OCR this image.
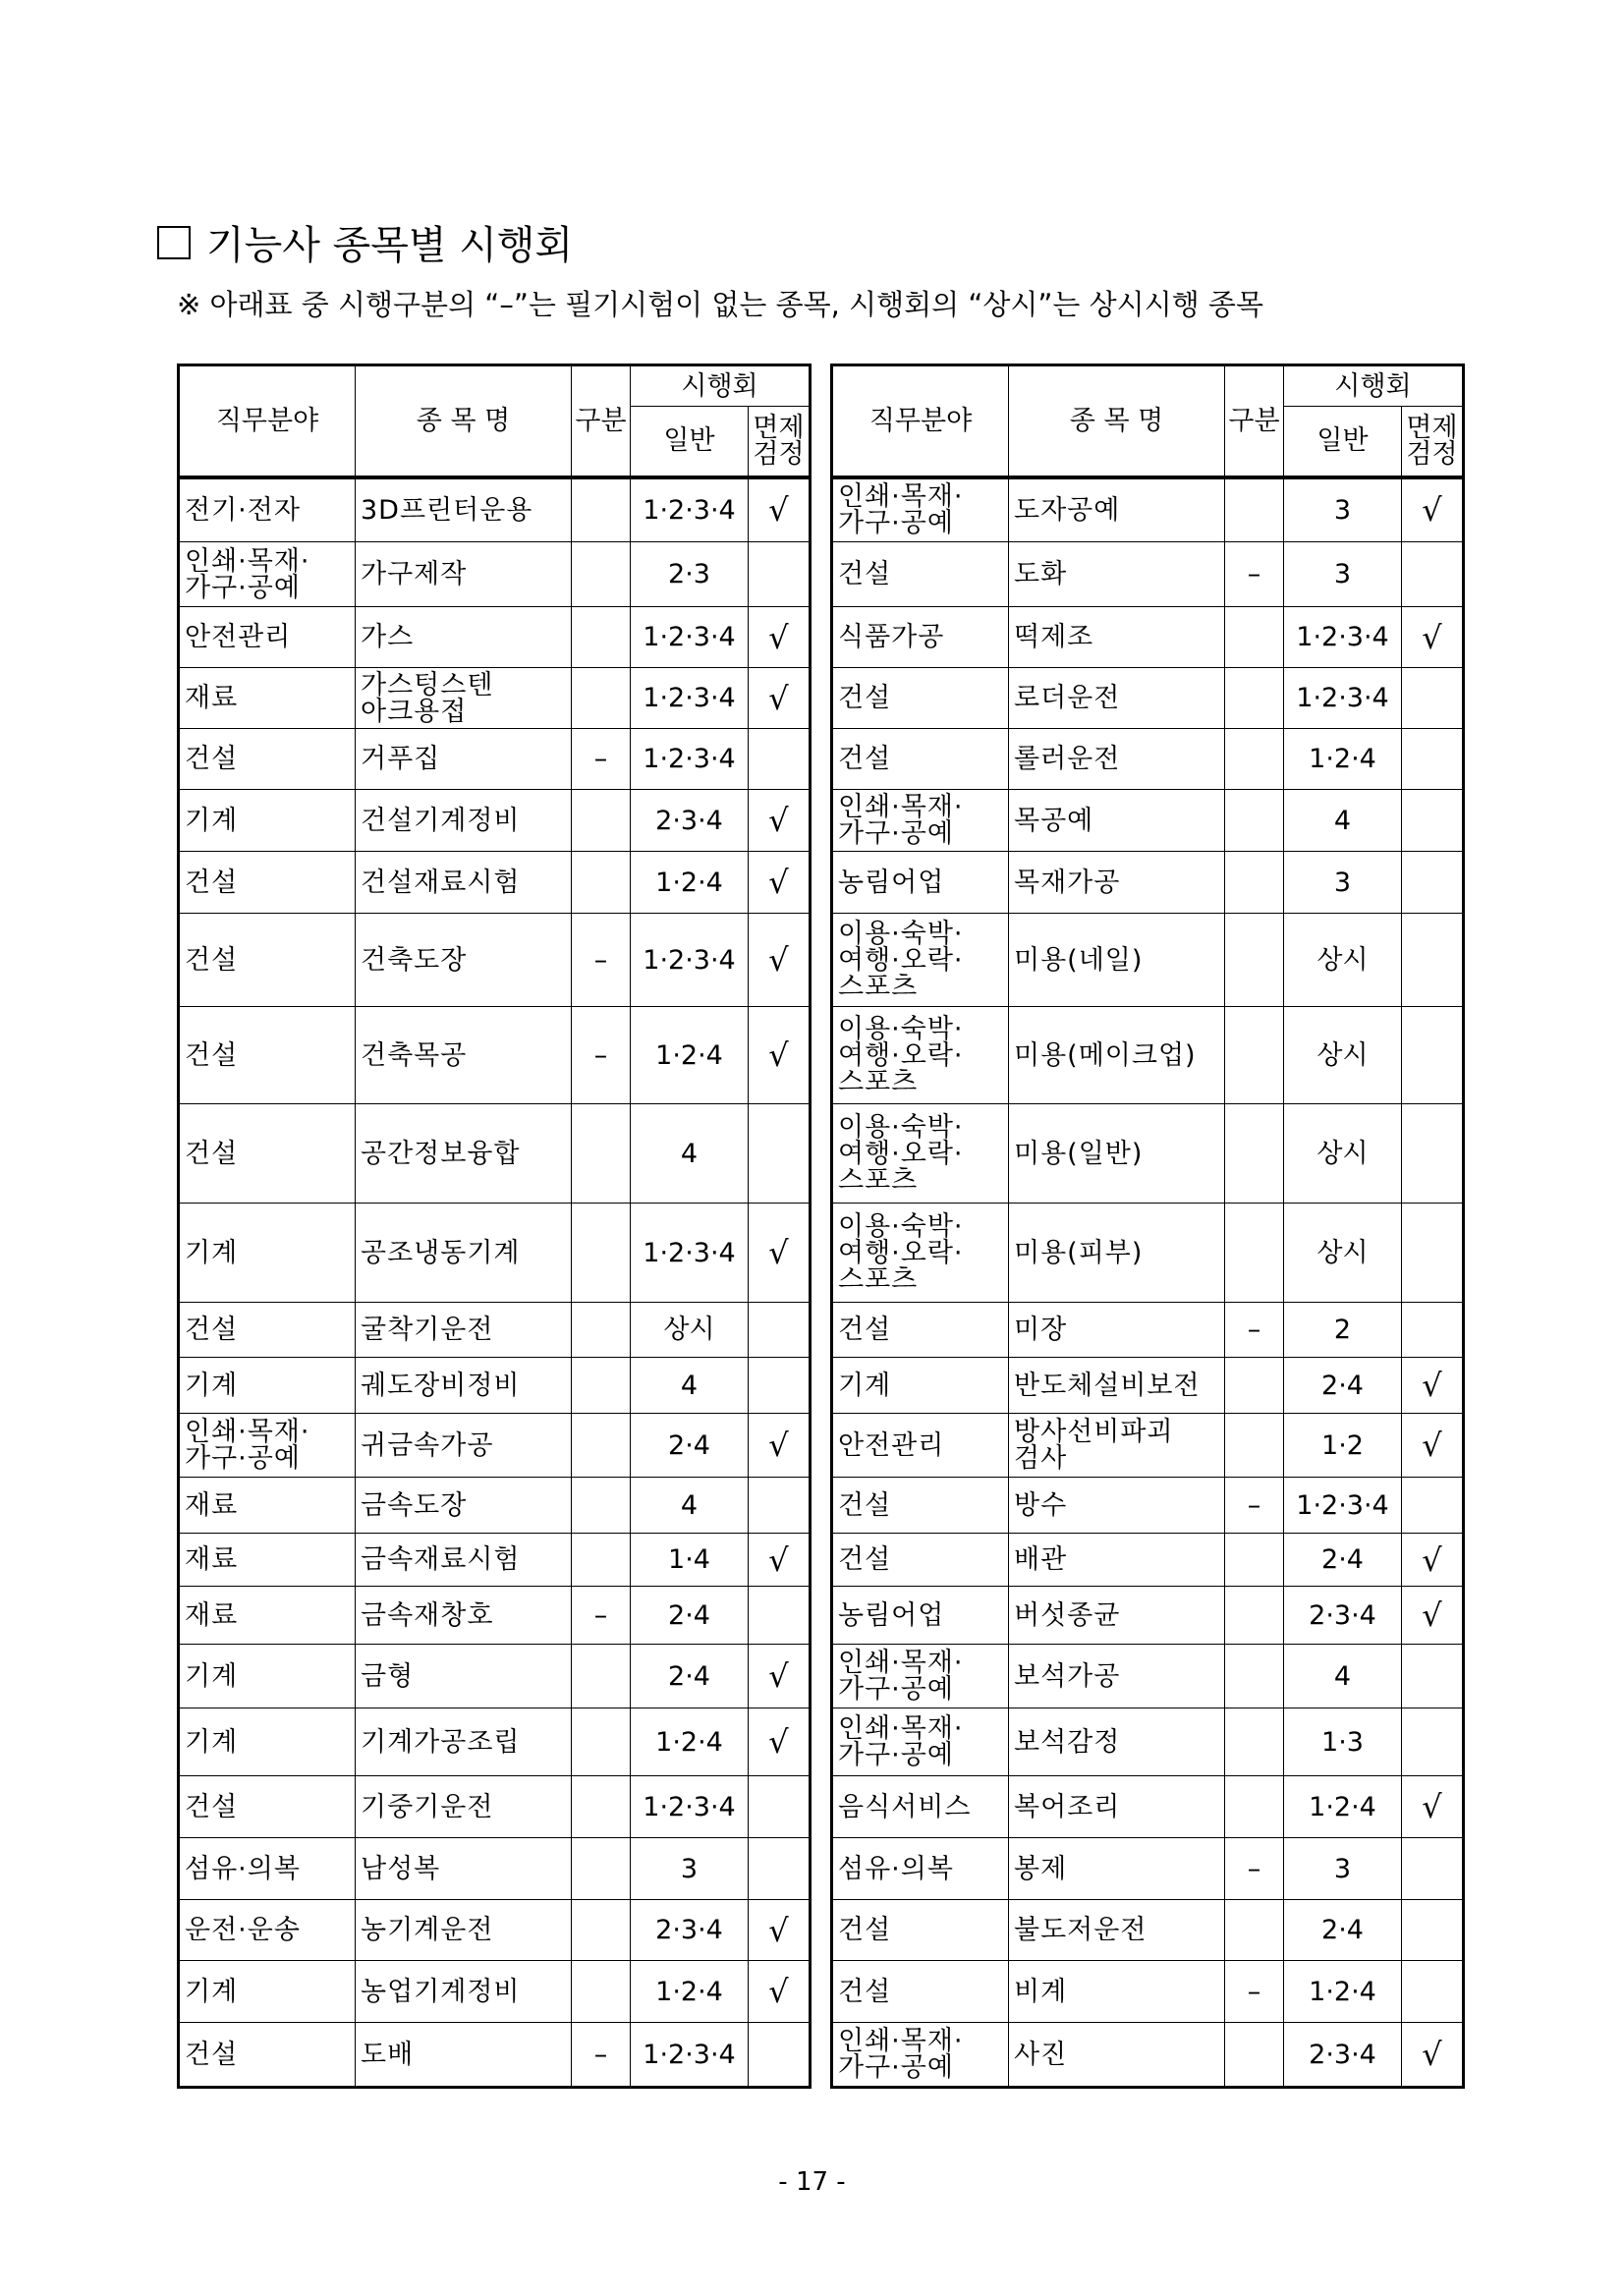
기능사 종목별 시행회
※ 아래표 중 시행구분의 “–”는 필기시험이 없는 종목, 시행회의 “상시”는 상시시행 종목
직무분야	종 목 명	구분	시행회	
			일반	면제
검정
전기·전자	3D프린터운용		1·2·3·4	√
인쇄·목재·
가구·공예	가구제작		2·3	
안전관리	가스		1·2·3·4	√
재료	가스텅스텐
아크용접		1·2·3·4	√
건설	거푸집	–	1·2·3·4	
기계	건설기계정비		2·3·4	√
건설	건설재료시험		1·2·4	√
건설	건축도장	–	1·2·3·4	√
건설	건축목공	–	1·2·4	√
건설	공간정보융합		4	
기계	공조냉동기계		1·2·3·4	√
건설	굴착기운전		상시	
기계	궤도장비정비		4	
인쇄·목재·
가구·공예	귀금속가공		2·4	√
재료	금속도장		4	
재료	금속재료시험		1·4	√
재료	금속재창호	–	2·4	
기계	금형		2·4	√
기계	기계가공조립		1·2·4	√
건설	기중기운전		1·2·3·4	
섬유·의복	남성복		3	
운전·운송	농기계운전		2·3·4	√
기계	농업기계정비		1·2·4	√
건설	도배	–	1·2·3·4	
직무분야	종 목 명	구분	시행회	
			일반	면제
검정
인쇄·목재·
가구·공예	도자공예		3	√
건설	도화	–	3	
식품가공	떡제조		1·2·3·4	√
건설	로더운전		1·2·3·4	
건설	롤러운전		1·2·4	
인쇄·목재·
가구·공예	목공예		4	
농림어업	목재가공		3	
이용·숙박·
여행·오락·
스포츠	미용(네일)		상시	
이용·숙박·
여행·오락·
스포츠	미용(메이크업)		상시	
이용·숙박·
여행·오락·
스포츠	미용(일반)		상시	
이용·숙박·
여행·오락·
스포츠	미용(피부)		상시	
건설	미장	–	2	
기계	반도체설비보전		2·4	√
안전관리	방사선비파괴
검사		1·2	√
건설	방수	–	1·2·3·4	
건설	배관		2·4	√
농림어업	버섯종균		2·3·4	√
인쇄·목재·
가구·공예	보석가공		4	
인쇄·목재·
가구·공예	보석감정		1·3	
음식서비스	복어조리		1·2·4	√
섬유·의복	봉제	–	3	
건설	불도저운전		2·4	
건설	비계	–	1·2·4	
인쇄·목재·
가구·공예	사진		2·3·4	√
- 17 -
